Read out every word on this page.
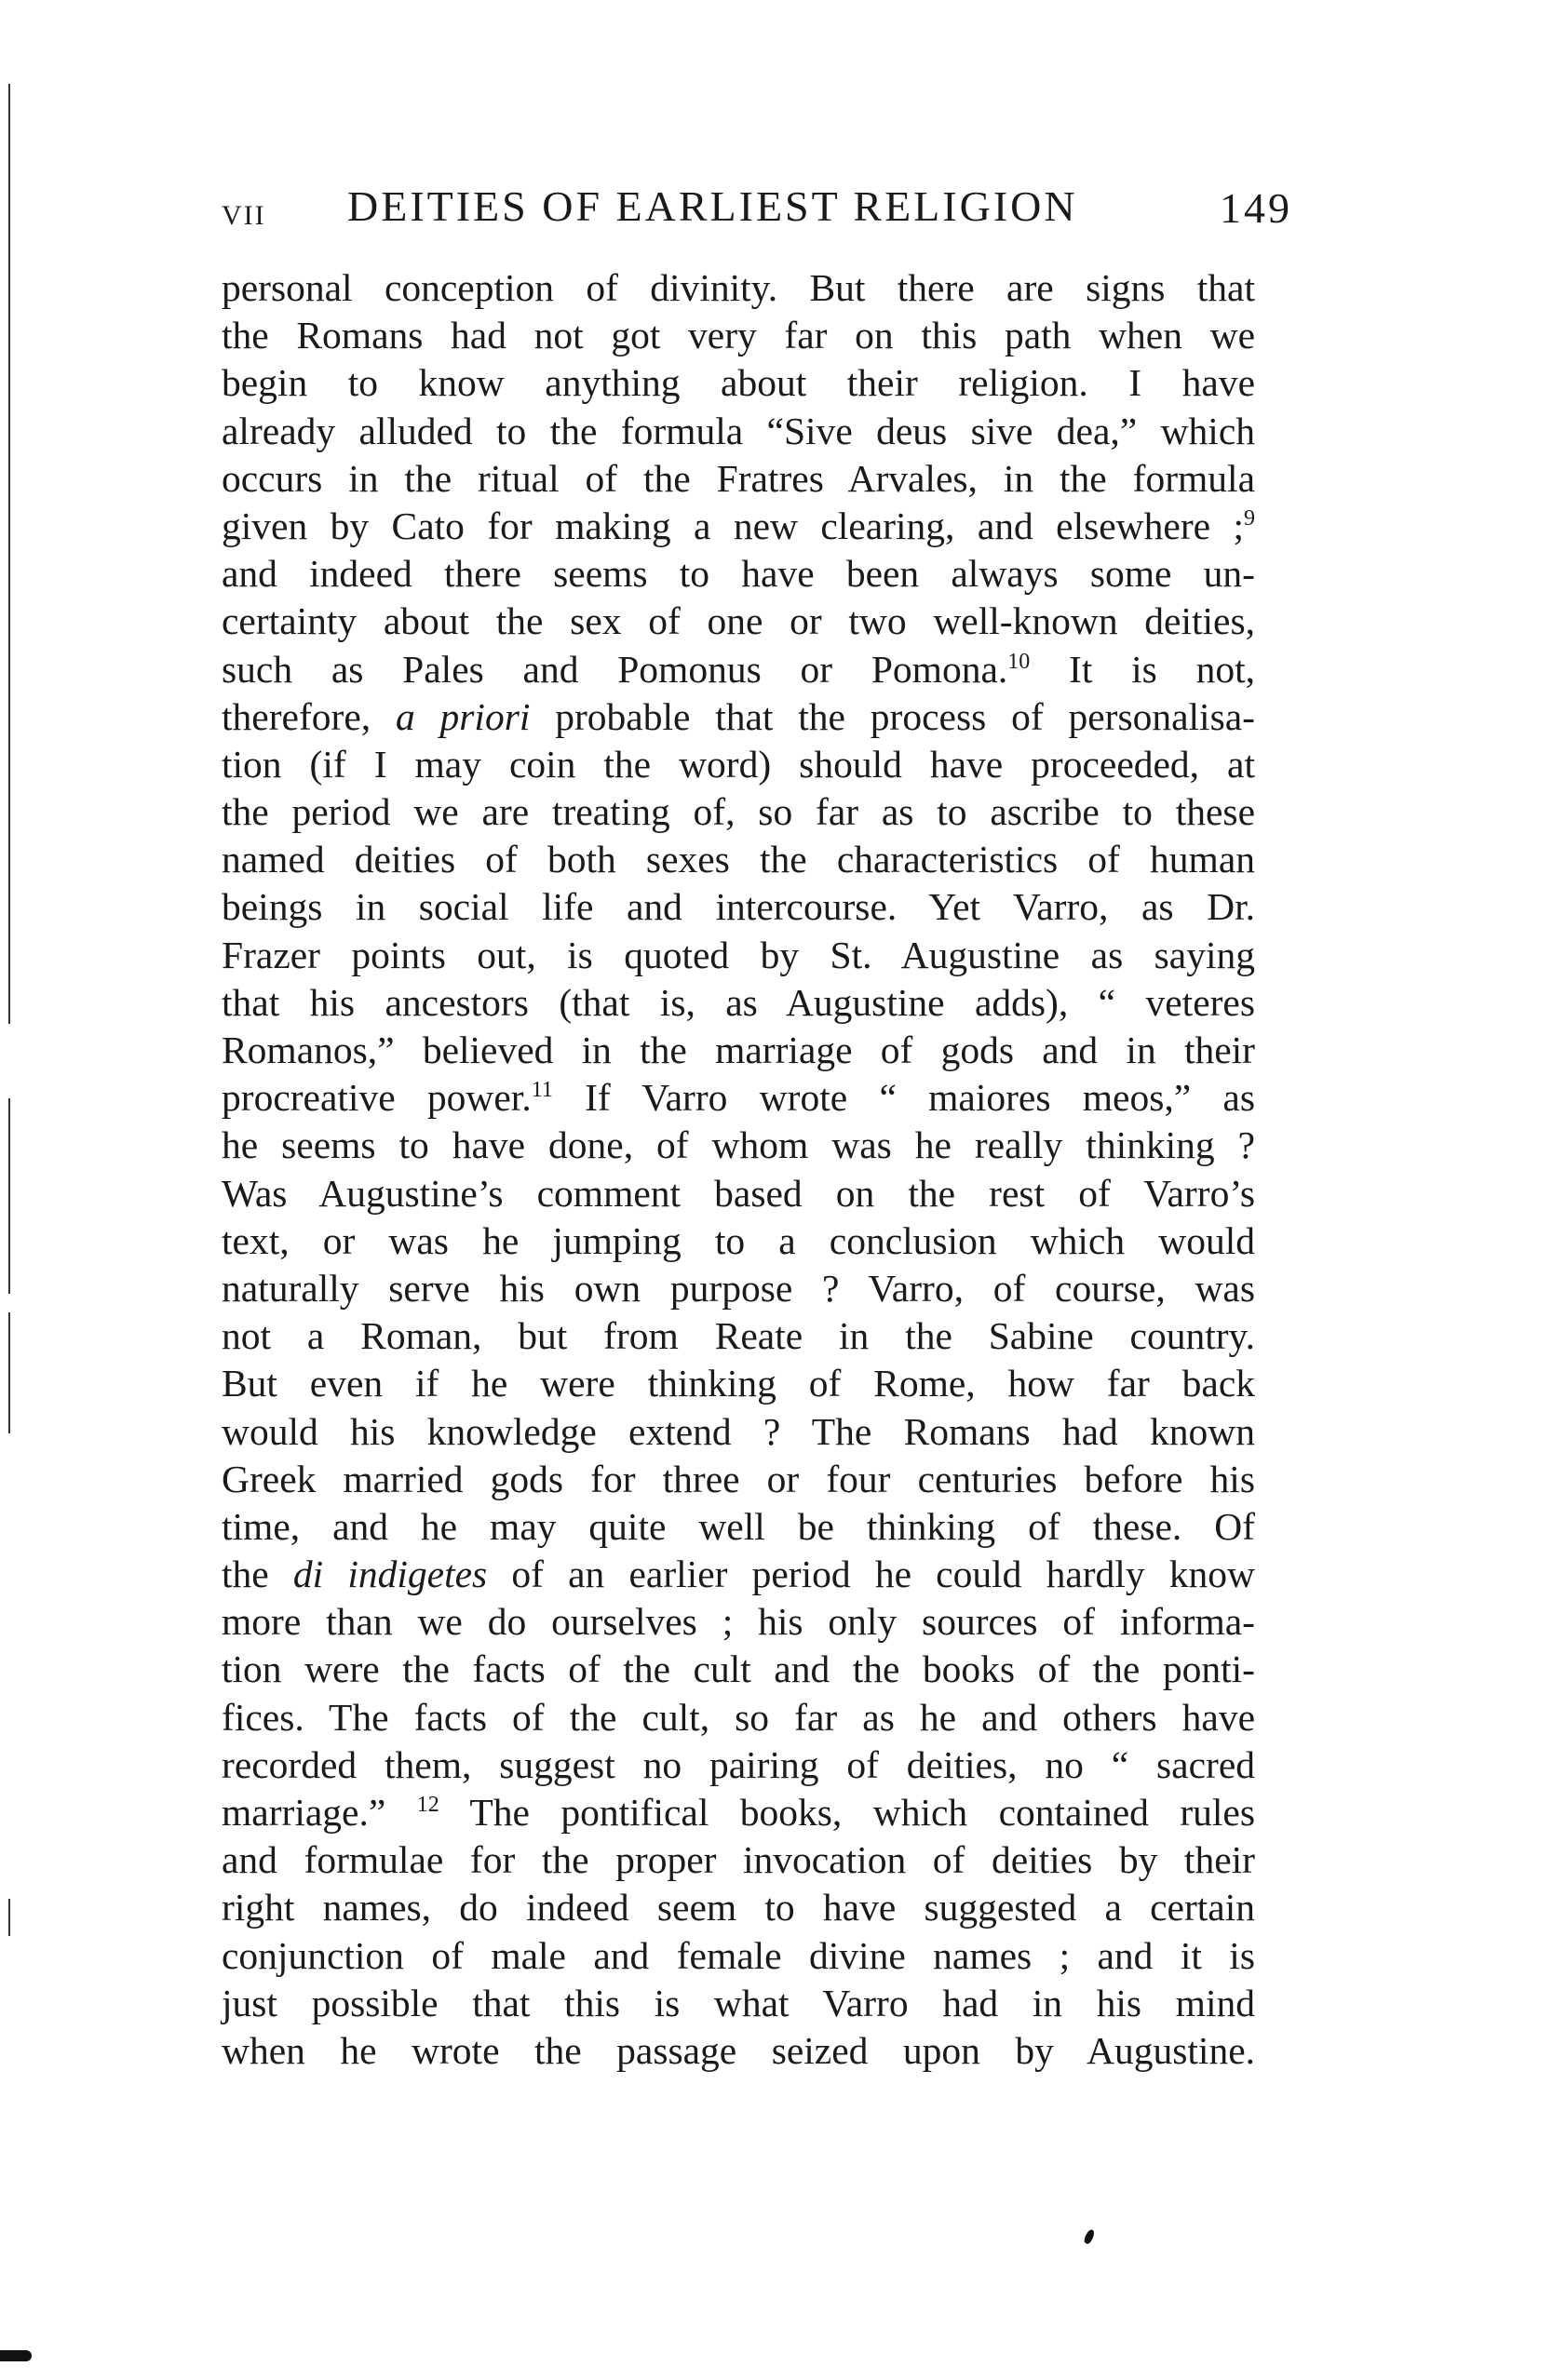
VII DEITIES OF EARLIEST RELIGION	149
personal conception of divinity. But there are signs that
the Romans had not got very far on this path when we
begin to know anything about their religion. I have
already alluded to the formula “Sive deus sive dea,” which
occurs in the ritual of the Fratres Arvales, in the formula
given by Cato for making a new clearing, and elsewhere ;$^9$
and indeed there seems to have been always some un-
certainty about the sex of one or two well-known deities,
such as Pales and Pomonus or Pomona.$^{10}$ It is not,
therefore, a priori probable that the process of personalisa-
tion (if I may coin the word) should have proceeded, at
the period we are treating of, so far as to ascribe to these
named deities of both sexes the characteristics of human
beings in social life and intercourse. Yet Varro, as Dr.
Frazer points out, is quoted by St. Augustine as saying
that his ancestors (that is, as Augustine adds), “ veteres
Romanos,” believed in the marriage of gods and in their
procreative power.$^{11}$ If Varro wrote “ maiores meos,” as
he seems to have done, of whom was he really thinking ?
Was Augustine’s comment based on the rest of Varro’s
text, or was he jumping to a conclusion which would
naturally serve his own purpose ? Varro, of course, was
not a Roman, but from Reate in the Sabine country.
But even if he were thinking of Rome, how far back
would his knowledge extend ? The Romans had known
Greek married gods for three or four centuries before his
time, and he may quite well be thinking of these. Of
the di indigetes of an earlier period he could hardly know
more than we do ourselves ; his only sources of informa-
tion were the facts of the cult and the books of the ponti-
fices. The facts of the cult, so far as he and others have
recorded them, suggest no pairing of deities, no “ sacred
marriage.” $^{12}$ The pontifical books, which contained rules
and formulae for the proper invocation of deities by their
right names, do indeed seem to have suggested a certain
conjunction of male and female divine names ; and it is
just possible that this is what Varro had in his mind
when he wrote the passage seized upon by Augustine.
